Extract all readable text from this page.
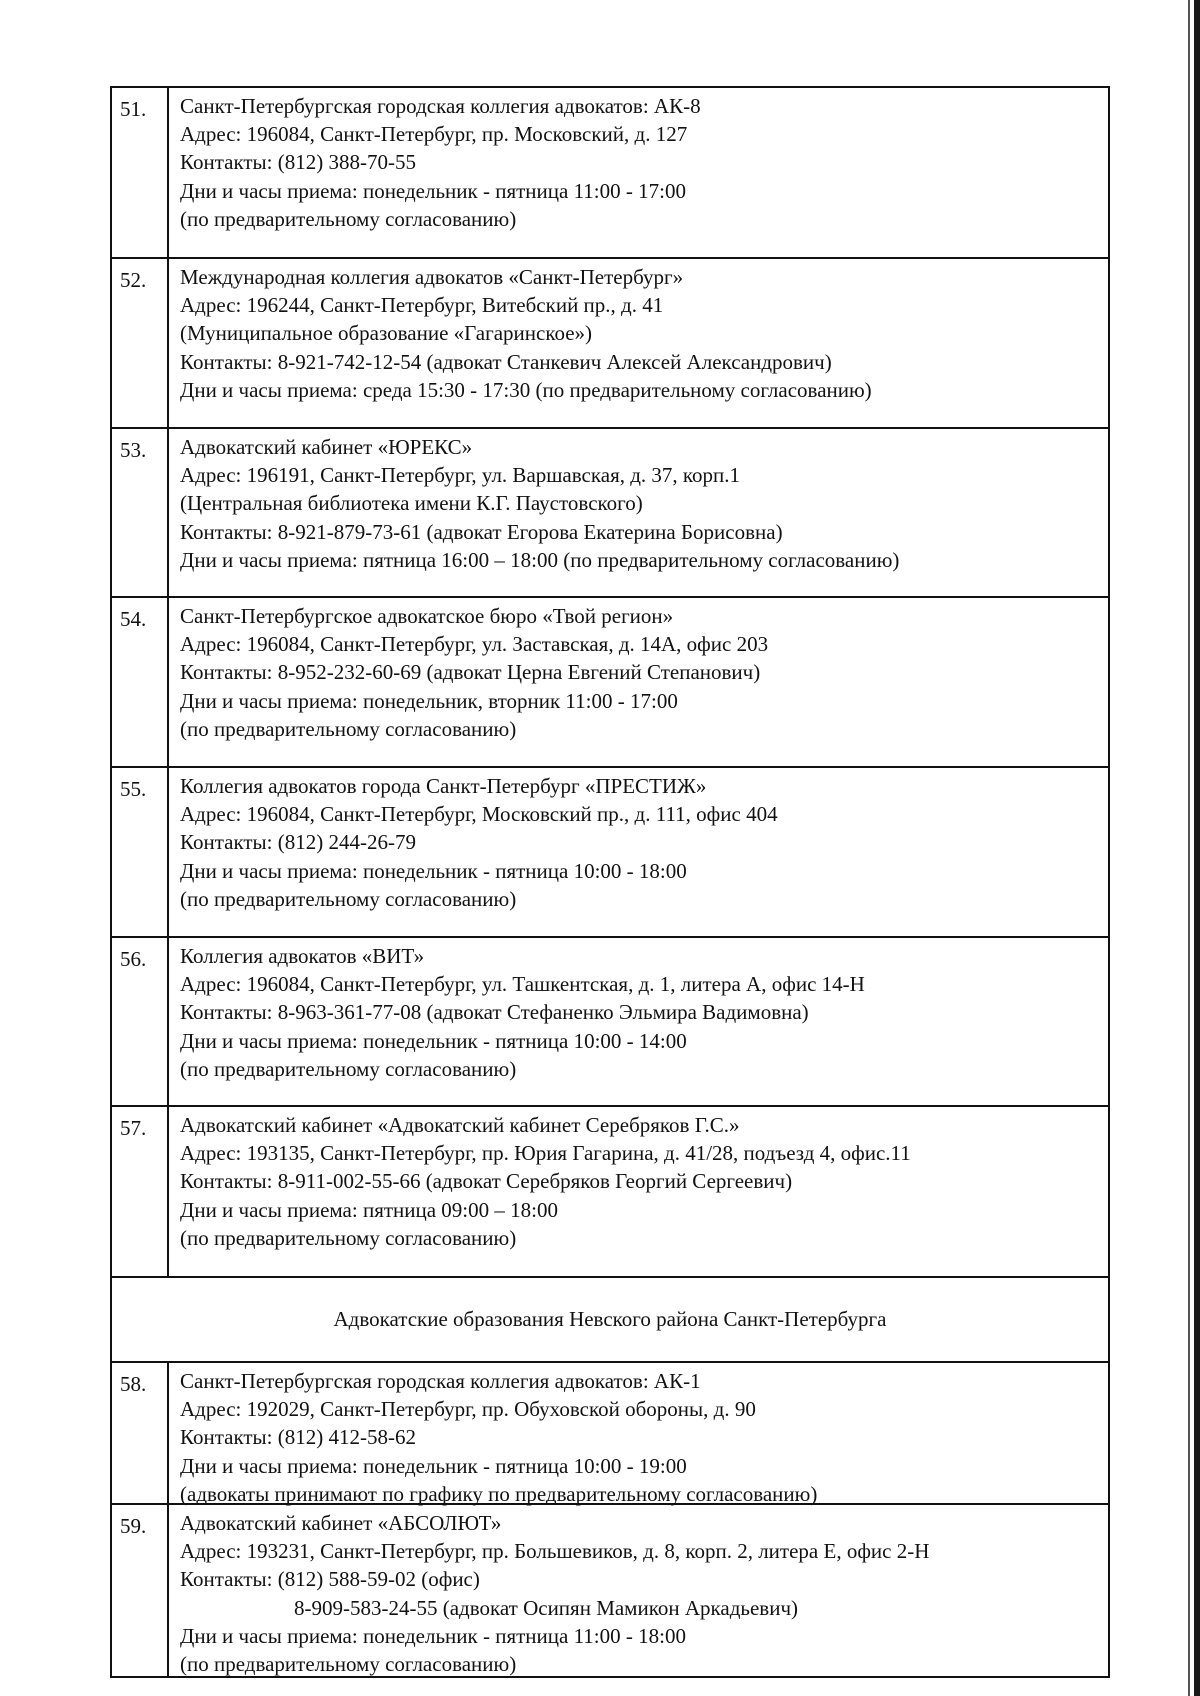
51.	Санкт-Петербургская городская коллегия адвокатов: АК-8
Адрес: 196084, Санкт-Петербург, пр. Московский, д. 127
Контакты: (812) 388-70-55
Дни и часы приема: понедельник - пятница 11:00 - 17:00
(по предварительному согласованию)
52.	Международная коллегия адвокатов «Санкт-Петербург»
Адрес: 196244, Санкт-Петербург, Витебский пр., д. 41
(Муниципальное образование «Гагаринское»)
Контакты: 8-921-742-12-54 (адвокат Станкевич Алексей Александрович)
Дни и часы приема: среда 15:30 - 17:30 (по предварительному согласованию)
53.	Адвокатский кабинет «ЮРЕКС»
Адрес: 196191, Санкт-Петербург, ул. Варшавская, д. 37, корп.1
(Центральная библиотека имени К.Г. Паустовского)
Контакты: 8-921-879-73-61 (адвокат Егорова Екатерина Борисовна)
Дни и часы приема: пятница 16:00 – 18:00 (по предварительному согласованию)
54.	Санкт-Петербургское адвокатское бюро «Твой регион»
Адрес: 196084, Санкт-Петербург, ул. Заставская, д. 14А, офис 203
Контакты: 8-952-232-60-69 (адвокат Церна Евгений Степанович)
Дни и часы приема: понедельник, вторник 11:00 - 17:00
(по предварительному согласованию)
55.	Коллегия адвокатов города Санкт-Петербург «ПРЕСТИЖ»
Адрес: 196084, Санкт-Петербург, Московский пр., д. 111, офис 404
Контакты: (812) 244-26-79
Дни и часы приема: понедельник - пятница 10:00 - 18:00
(по предварительному согласованию)
56.	Коллегия адвокатов «ВИТ»
Адрес: 196084, Санкт-Петербург, ул. Ташкентская, д. 1, литера А, офис 14-Н
Контакты: 8-963-361-77-08 (адвокат Стефаненко Эльмира Вадимовна)
Дни и часы приема: понедельник - пятница 10:00 - 14:00
(по предварительному согласованию)
57.	Адвокатский кабинет «Адвокатский кабинет Серебряков Г.С.»
Адрес: 193135, Санкт-Петербург, пр. Юрия Гагарина, д. 41/28, подъезд 4, офис.11
Контакты: 8-911-002-55-66 (адвокат Серебряков Георгий Сергеевич)
Дни и часы приема: пятница 09:00 – 18:00
(по предварительному согласованию)
Адвокатские образования Невского района Санкт-Петербурга
58.	Санкт-Петербургская городская коллегия адвокатов: АК-1
Адрес: 192029, Санкт-Петербург, пр. Обуховской обороны, д. 90
Контакты: (812) 412-58-62
Дни и часы приема: понедельник - пятница 10:00 - 19:00
(адвокаты принимают по графику по предварительному согласованию)
59.	Адвокатский кабинет «АБСОЛЮТ»
Адрес: 193231, Санкт-Петербург, пр. Большевиков, д. 8, корп. 2, литера Е, офис 2-Н
Контакты: (812) 588-59-02 (офис)
8-909-583-24-55 (адвокат Осипян Мамикон Аркадьевич)
Дни и часы приема: понедельник - пятница 11:00 - 18:00
(по предварительному согласованию)
